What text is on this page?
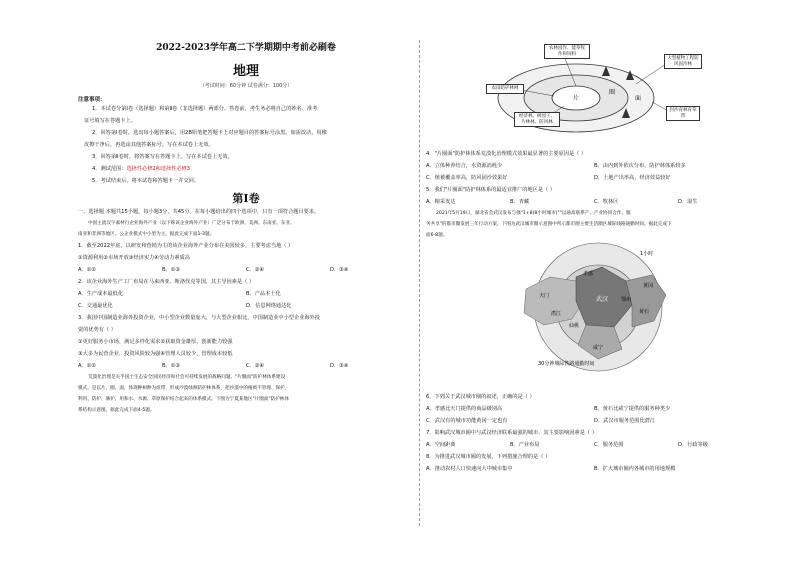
2022-2023学年高二下学期期中考前必刷卷
地理
（考试时间：60分钟 试卷满分：100分）
注意事项：
1．本试卷分第Ⅰ卷（选择题）和第Ⅱ卷（非选择题）两部分。答卷前，考生务必将自己的姓名、准考
证号填写在答题卡上。
2．回答第Ⅰ卷时，选出每小题答案后，用2B铅笔把答题卡上对应题目的答案标号涂黑。如需改动，用橡
皮擦干净后，再选涂其他答案标号。写在本试卷上无效。
3．回答第Ⅱ卷时，将答案写在答题卡上。写在本试卷上无效。
4．测试范围：选择性必修2和选择性必修3
5．考试结束后，将本试卷和答题卡一并交回。
第Ⅰ卷
一、选择题 本题共15小题，每小题3分，共45分。在每小题给出的四个选项中，只有一项符合题目要求。
中国主流汉字素材行企业海外产业（以下称该企业海外产业）广泛分布于欧洲、美洲、东南亚、东亚、
南亚和非洲等地区。公企业模式中小型为主。据此完成下面1-3题。
1．截至2022年底，以研发和营销为主的该企业海外产业分布在美国较多，主要考虑当地（ ）
①资源利用②市场开放③经济实力④劳动力素质高
A．①②	B．①③	C．②④	D．③④
2．该企业海外生产工厂布局在马来西亚、斯洛伐克等国，其主导因素是（ ）
A．生产成本最低化	B．产品本土化
C．交通最优化	D．信息网络通达化
3．我国中国制造业海外投资企业，中小型企业数量庞大，与大型企业相比，中国制造业中小型企业海外投
资的优势有（ ）
①更好服务小市场，满足多样化需求②获取资金雄厚，创新能力较强
③大多为民营企业，投资风险较为强④管理人员较少，管理成本较低
A．①②	B．①③	C．②④	D．③④
荒漠化治理是关乎国土生态安全国民经济和社会可持续发展的战略问题。"片圈面"防护林体系建设
模式，是以片、圈、面，体现种树种为纽带，形成沙漠绿洲防护林体系，把沙漠中的植被不管理、保护、
利用、防护、修护、用和水、水源、草原保护结合起来的体系模式。下图为宁夏某地区"片圈面"防护林体
系结构示意图。据此完成下面4-5题。
片
圈
面
农林园作、能草牧作和饲料
农田防护林网
经济林、树园子、片林林、防风林
大型植物工程防风固沙林
封沙育林育草带
4．"片圈面"防护林体系荒漠化治理模式效果最显著的主要原因是（ ）
A．立体种养结合，水资源消耗少	B．由内到外依次分布，防护林体系较多
C．植被覆盖率高，防风固沙效果好	D．土地产出率高，经济效益较好
5．我们"片圈面"防护林体系的最适宜推广的地区是（ ）
A．粮采发达	B．青藏	C．牧林区	D．湿生
2021年5月19日，湖北省会武汉发布与强"1+8(8小时城市)""以通高联系产、产业协同合作、服
务共享"的都市圈发展三年行动方案。下图为武汉城市圈示意图中所示都市圈主要生活圈区城际线路通勤时间。据此完成下
面6-8题。
武汉
孝感
黄冈
咸宁
黄石
鄂州
天门
潜江
仙桃
1小时
30分钟城际铁路通勤时间
6．下列关于武汉城市圈的叙述，正确的是（ ）
A．孝感比天门提供的商品级别高	B．黄石比咸宁提供的服务种类少
C．武汉有的城市功能黄冈一定也有	D．武汉市服务范围比潜江
7．影响武汉城市圈中与武汉经济联系最强的城市，其主要影响因素是（ ）
A．空间距离	B．产业布局	C．服务范围	D．行政等级
8．为推进武汉城市圈的发展，下列措施合理的是（ ）
A．推动农村人口快速向大中城市集中	B．扩大城市圈内各城市的用地规模
